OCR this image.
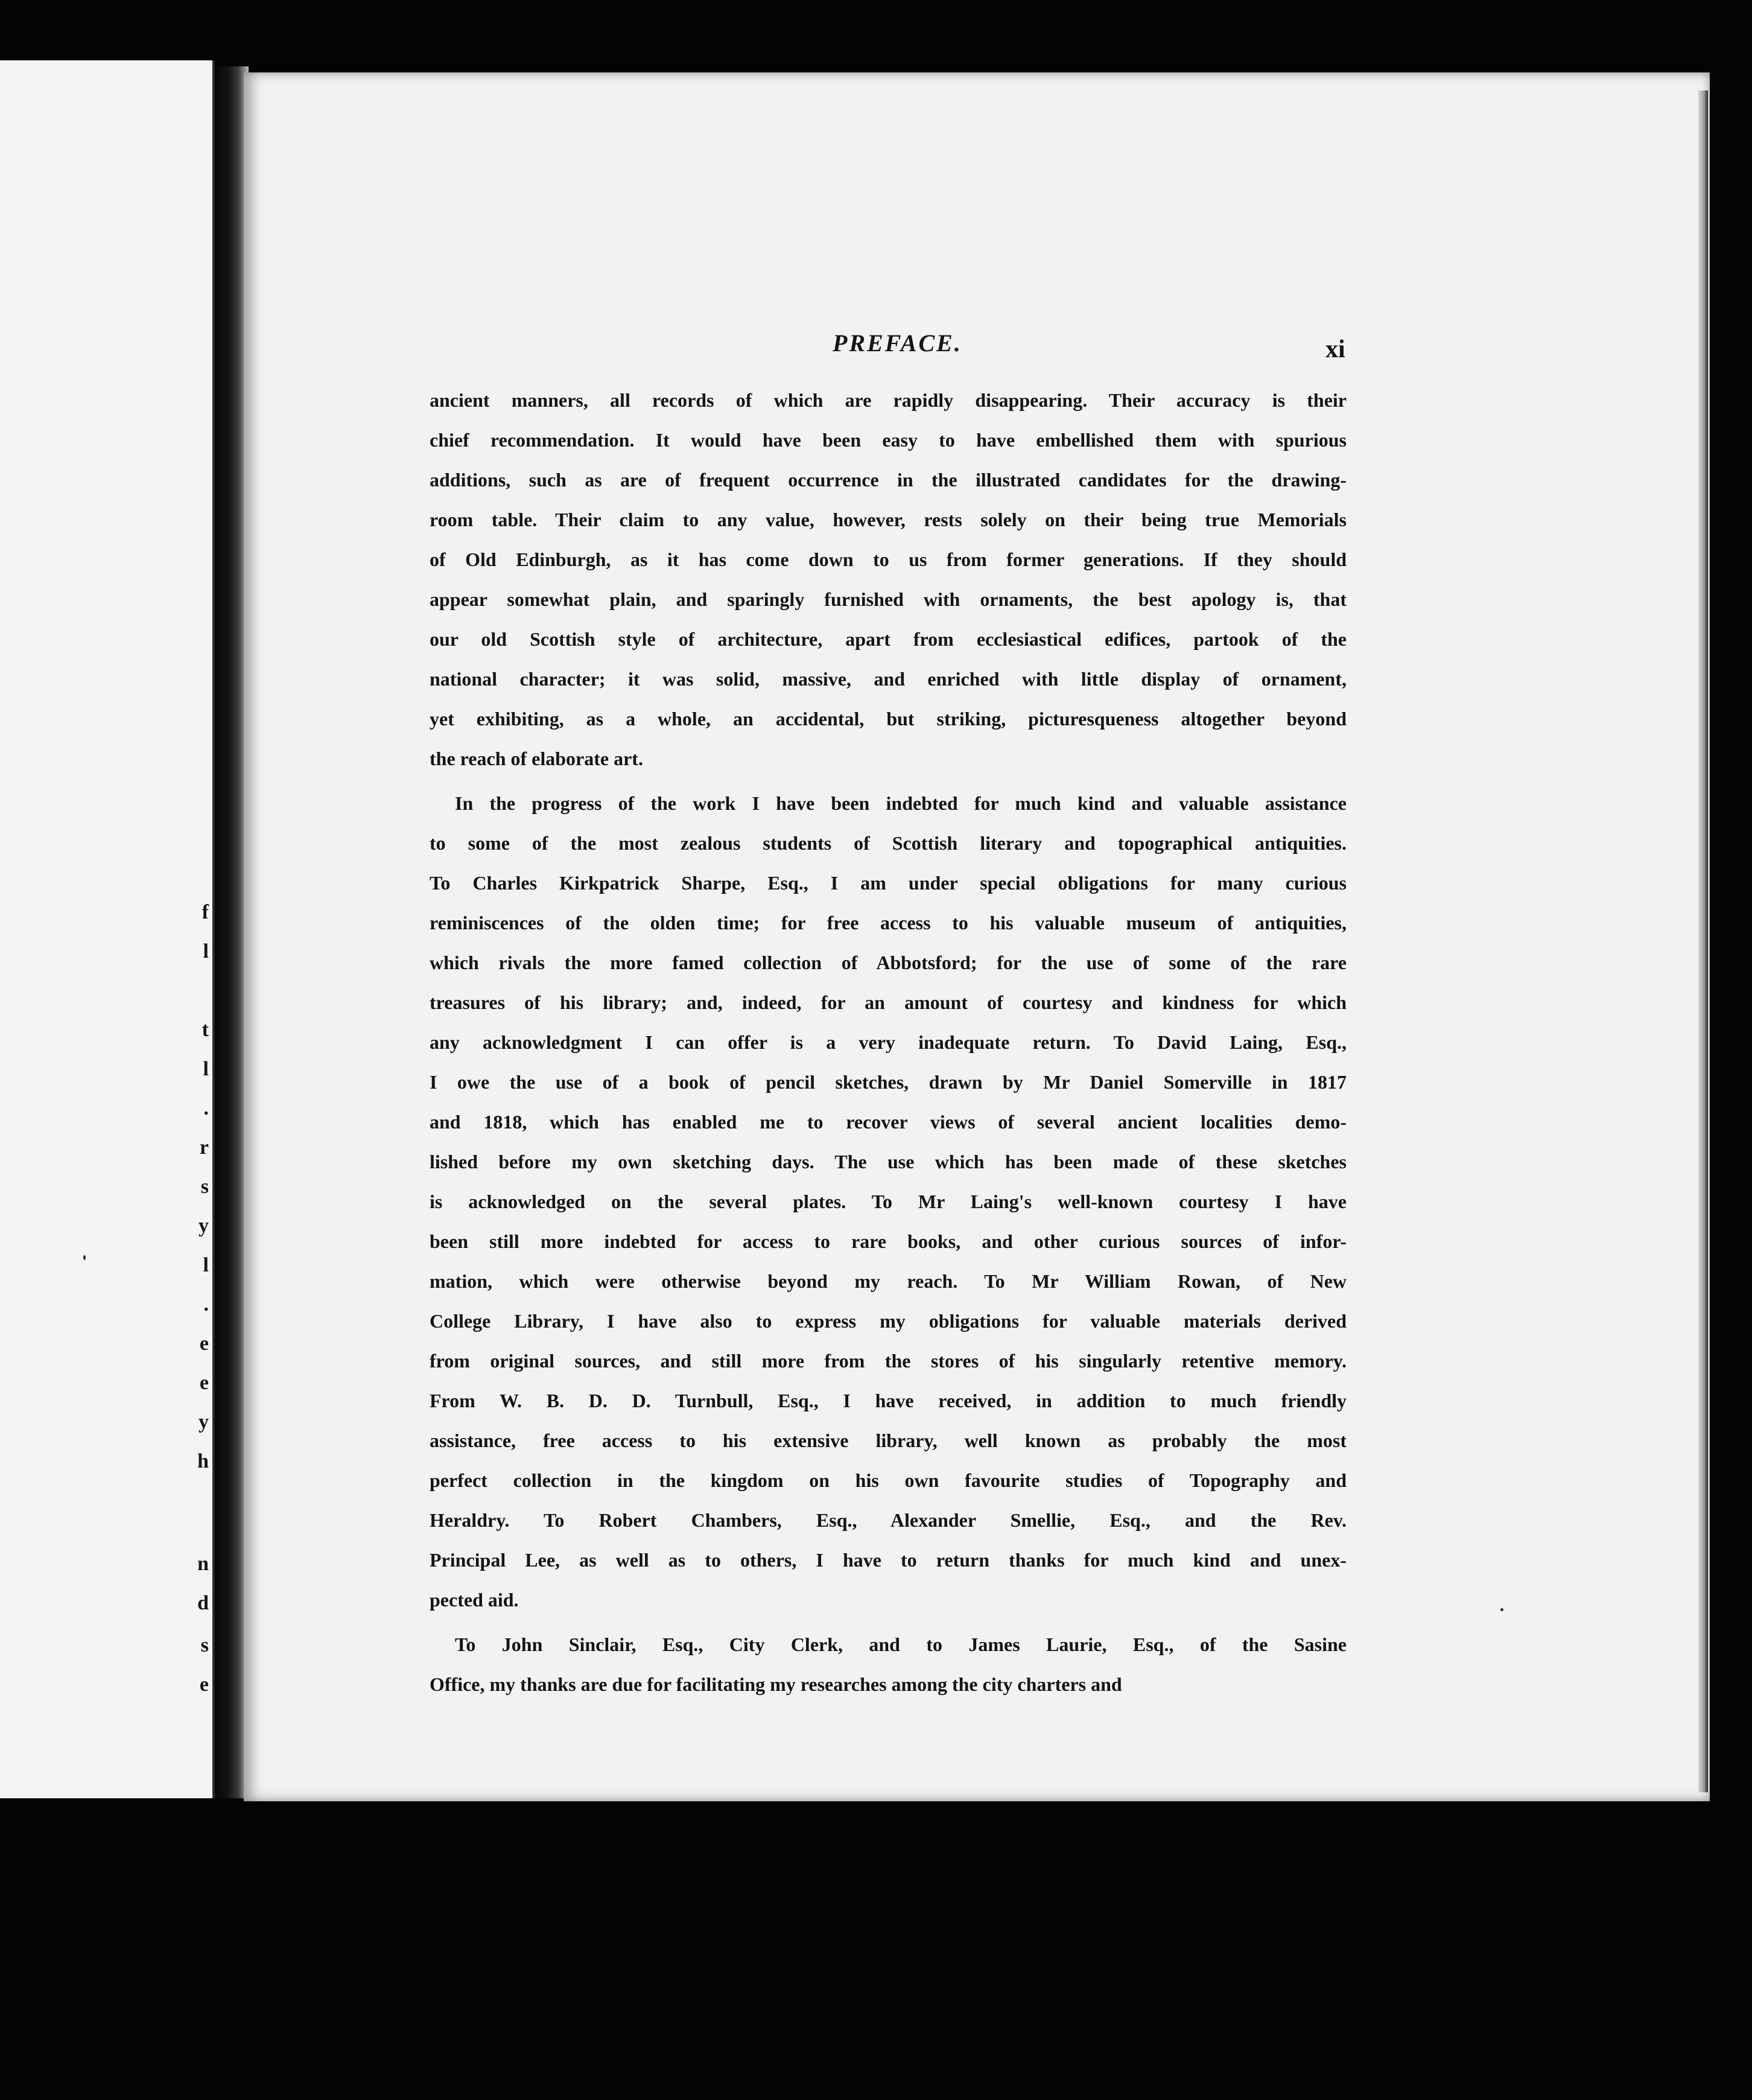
f
l
t
l
.
r
s
y
l
.
e
e
y
h
n
d
s
e
PREFACE.	xi
ancient manners, all records of which are rapidly disappearing. Their accuracy is their
chief recommendation. It would have been easy to have embellished them with spurious
additions, such as are of frequent occurrence in the illustrated candidates for the drawing-
room table. Their claim to any value, however, rests solely on their being true Memorials
of Old Edinburgh, as it has come down to us from former generations. If they should
appear somewhat plain, and sparingly furnished with ornaments, the best apology is, that
our old Scottish style of architecture, apart from ecclesiastical edifices, partook of the
national character; it was solid, massive, and enriched with little display of ornament,
yet exhibiting, as a whole, an accidental, but striking, picturesqueness altogether beyond
the reach of elaborate art.
In the progress of the work I have been indebted for much kind and valuable assistance
to some of the most zealous students of Scottish literary and topographical antiquities.
To Charles Kirkpatrick Sharpe, Esq., I am under special obligations for many curious
reminiscences of the olden time; for free access to his valuable museum of antiquities,
which rivals the more famed collection of Abbotsford; for the use of some of the rare
treasures of his library; and, indeed, for an amount of courtesy and kindness for which
any acknowledgment I can offer is a very inadequate return. To David Laing, Esq.,
I owe the use of a book of pencil sketches, drawn by Mr Daniel Somerville in 1817
and 1818, which has enabled me to recover views of several ancient localities demo-
lished before my own sketching days. The use which has been made of these sketches
is acknowledged on the several plates. To Mr Laing's well-known courtesy I have
been still more indebted for access to rare books, and other curious sources of infor-
mation, which were otherwise beyond my reach. To Mr William Rowan, of New
College Library, I have also to express my obligations for valuable materials derived
from original sources, and still more from the stores of his singularly retentive memory.
From W. B. D. D. Turnbull, Esq., I have received, in addition to much friendly
assistance, free access to his extensive library, well known as probably the most
perfect collection in the kingdom on his own favourite studies of Topography and
Heraldry. To Robert Chambers, Esq., Alexander Smellie, Esq., and the Rev.
Principal Lee, as well as to others, I have to return thanks for much kind and unex-
pected aid.
To John Sinclair, Esq., City Clerk, and to James Laurie, Esq., of the Sasine
Office, my thanks are due for facilitating my researches among the city charters and
